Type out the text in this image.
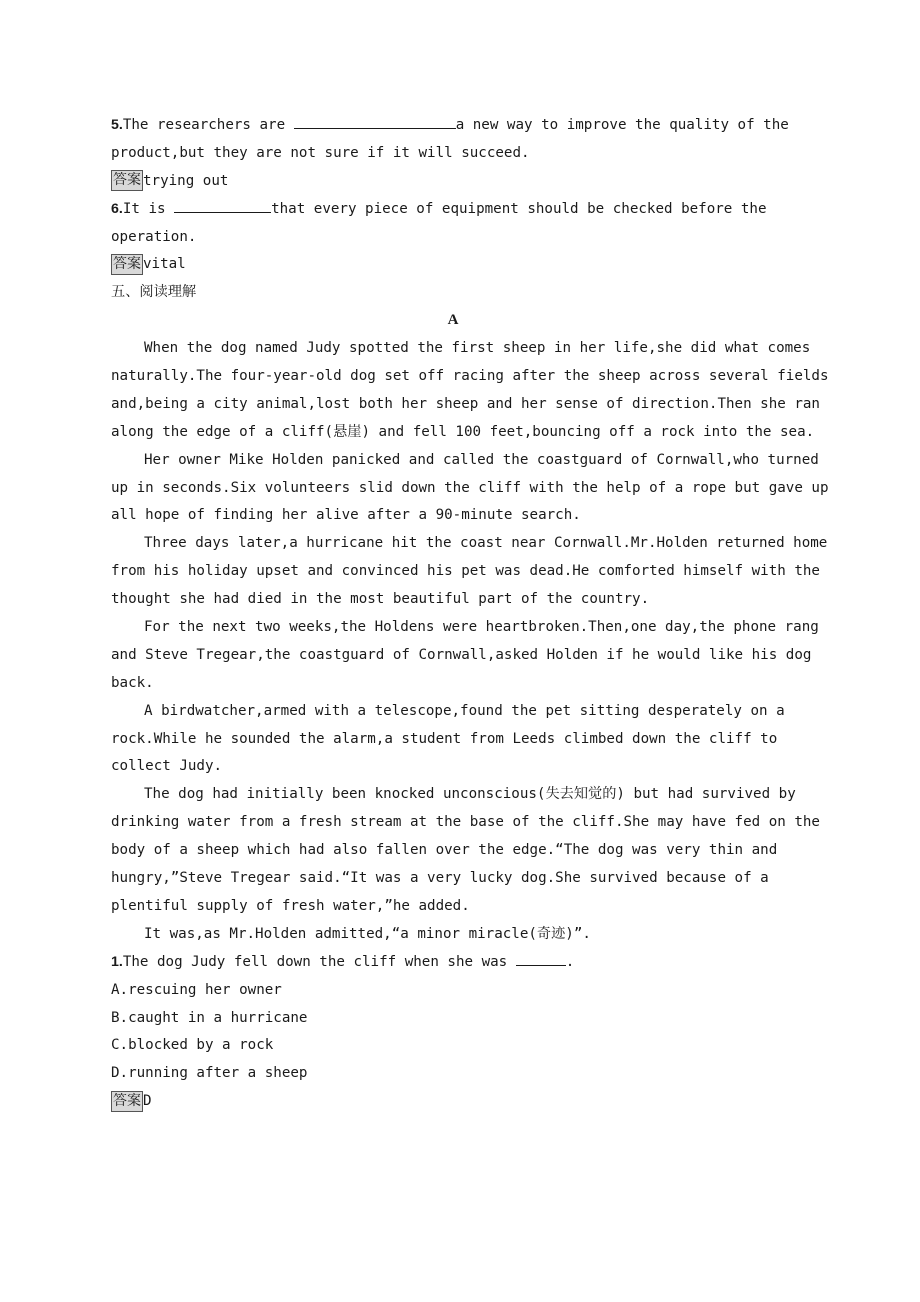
5.The researchers are	a new way to improve the quality of the
product,but they are not sure if it will succeed.
答案 trying out
6.It is	that every piece of equipment should be checked before the
operation.
答案 vital
五、阅读理解
A
When the dog named Judy spotted the first sheep in her life,she did what comes
naturally.The four-year-old dog set off racing after the sheep across several fields
and,being a city animal,lost both her sheep and her sense of direction.Then she ran
along the edge of a cliff(悬崖) and fell 100 feet,bouncing off a rock into the sea.
Her owner Mike Holden panicked and called the coastguard of Cornwall,who turned
up in seconds.Six volunteers slid down the cliff with the help of a rope but gave up
all hope of finding her alive after a 90-minute search.
Three days later,a hurricane hit the coast near Cornwall.Mr.Holden returned home
from his holiday upset and convinced his pet was dead.He comforted himself with the
thought she had died in the most beautiful part of the country.
For the next two weeks,the Holdens were heartbroken.Then,one day,the phone rang
and Steve Tregear,the coastguard of Cornwall,asked Holden if he would like his dog
back.
A birdwatcher,armed with a telescope,found the pet sitting desperately on a
rock.While he sounded the alarm,a student from Leeds climbed down the cliff to
collect Judy.
The dog had initially been knocked unconscious(失去知觉的) but had survived by
drinking water from a fresh stream at the base of the cliff.She may have fed on the
body of a sheep which had also fallen over the edge.“The dog was very thin and
hungry,”Steve Tregear said.“It was a very lucky dog.She survived because of a
plentiful supply of fresh water,”he added.
It was,as Mr.Holden admitted,“a minor miracle(奇迹)”.
1.The dog Judy fell down the cliff when she was	.
A.rescuing her owner
B.caught in a hurricane
C.blocked by a rock
D.running after a sheep
答案 D
